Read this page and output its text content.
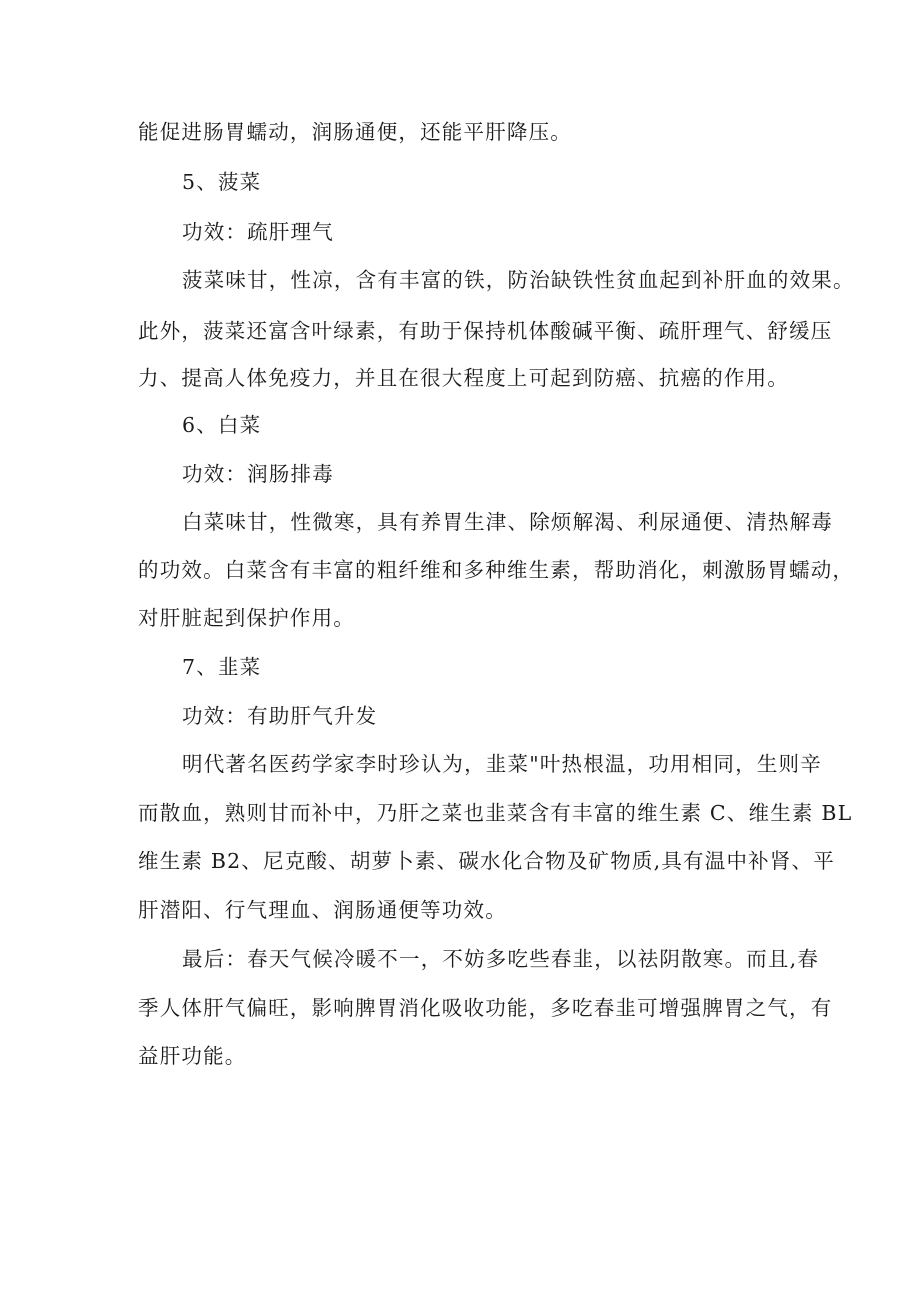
能促进肠胃蠕动，润肠通便，还能平肝降压。
5、菠菜
功效：疏肝理气
菠菜味甘，性凉，含有丰富的铁，防治缺铁性贫血起到补肝血的效果。
此外，菠菜还富含叶绿素，有助于保持机体酸碱平衡、疏肝理气、舒缓压
力、提高人体免疫力，并且在很大程度上可起到防癌、抗癌的作用。
6、白菜
功效：润肠排毒
白菜味甘，性微寒，具有养胃生津、除烦解渴、利尿通便、清热解毒
的功效。白菜含有丰富的粗纤维和多种维生素，帮助消化，刺激肠胃蠕动，
对肝脏起到保护作用。
7、韭菜
功效：有助肝气升发
明代著名医药学家李时珍认为，韭菜"叶热根温，功用相同，生则辛
而散血，熟则甘而补中，乃肝之菜也韭菜含有丰富的维生素 C、维生素 BL
维生素 B2、尼克酸、胡萝卜素、碳水化合物及矿物质,具有温中补肾、平
肝潜阳、行气理血、润肠通便等功效。
最后：春天气候冷暖不一，不妨多吃些春韭，以祛阴散寒。而且,春
季人体肝气偏旺，影响脾胃消化吸收功能，多吃春韭可增强脾胃之气，有
益肝功能。
